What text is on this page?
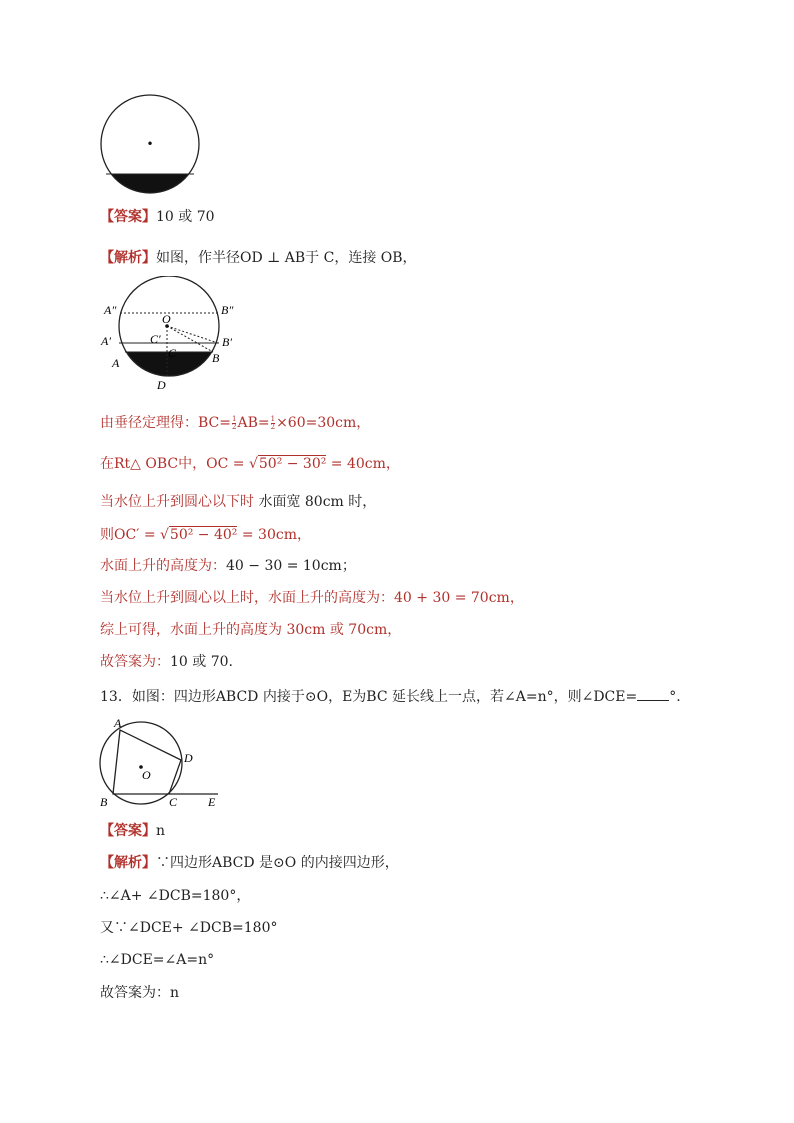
•
【答案】10 或 70
【解析】如图，作半径OD ⊥ AB于 C，连接 OB，
A″	B″
A′	B′
O
C′
C
A	B
D
由垂径定理得：$BC= \frac{1}{2} AB= \frac{1}{2} \times 60=30cm$，
在Rt△ OBC中，OC = √50² − 30² = 40cm，
当水位上升到圆心以下时 水面宽 80cm 时，
则OC′ = √50² − 40² = 30cm，
水面上升的高度为：40 − 30 = 10cm；
当水位上升到圆心以上时，水面上升的高度为：40 + 30 = 70cm，
综上可得，水面上升的高度为 30cm 或 70cm，
故答案为：10 或 70.
13．如图：四边形ABCD 内接于⊙O，E为BC 延长线上一点，若∠A=n°，则∠DCE= °.
A
D
O
B	C	E
【答案】n
【解析】∵四边形ABCD 是⊙O 的内接四边形，
∴∠A+ ∠DCB=180°，
又∵∠DCE+ ∠DCB=180°
∴∠DCE=∠A=n°
故答案为：n
